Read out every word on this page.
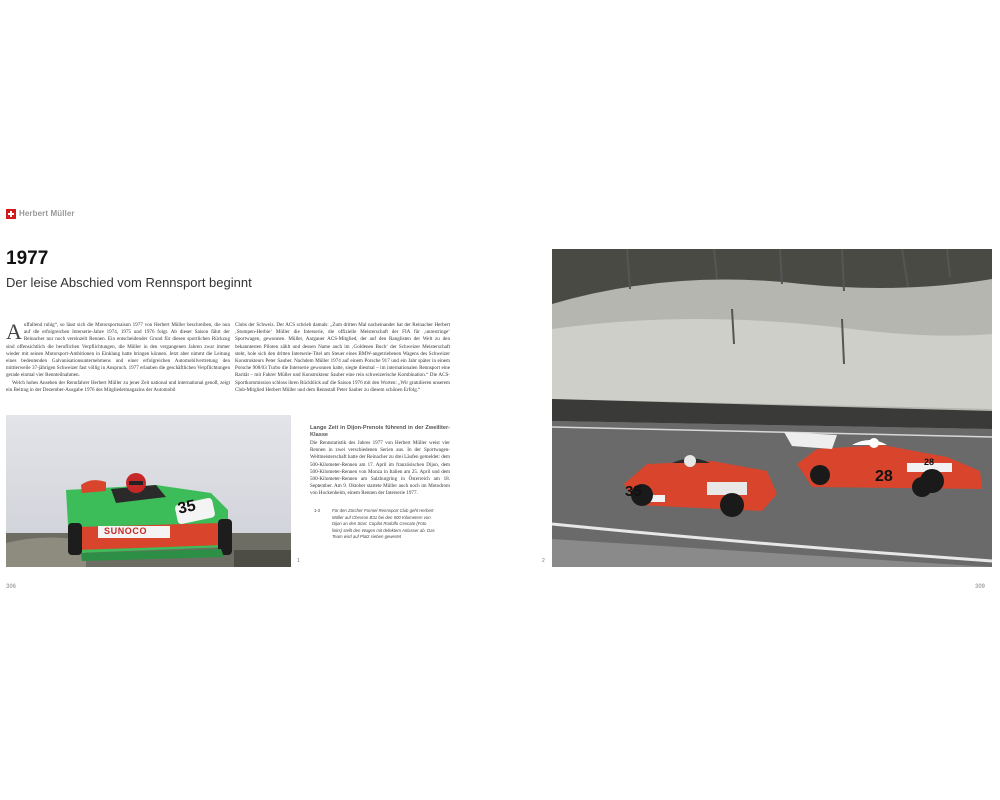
Herbert Müller
1977
Der leise Abschied vom Rennsport beginnt
A uffallend ruhig“, so lässt sich die Motorsportsaison 1977 von Herbert Müller beschreiben, die nun auf die erfolgreichen Interserie-Jahre 1974, 1975 und 1976 folgt. Ab dieser Saison fährt der Reinacher nur noch vereinzelt Rennen. Ein entscheidender Grund für diesen sportlichen Rückzug sind offensichtlich die beruflichen Verpflichtungen, die Müller in den vergangenen Jahren zwar immer wieder mit seinen Motorsport-Ambitionen in Einklang hatte bringen können. Jetzt aber nimmt die Leitung eines bedeutenden Galvanisationsunternehmens und einer erfolgreichen Automobilvertretung den mittlerweile 37-jährigen Schweizer fast völlig in Anspruch. 1977 erlauben die geschäftlichen Verpflichtungen gerade einmal vier Rennteilnahmen.
Welch hohes Ansehen der Rennfahrer Herbert Müller zu jener Zeit national und international genoß, zeigt ein Beitrag in der Dezember-Ausgabe 1976 des Mitgliedermagazins der Automobil
Clubs der Schweiz. Der ACS schrieb damals: „Zum dritten Mal nacheinander hat der Reinacher Herbert ‚Stumpen-Herbie‘ Müller die Interserie, die offizielle Meisterschaft der FIA für ‚unrestringe‘ Sportwagen, gewonnen. Müller, Aargauer ACS-Mitglied, der auf den Ranglisten der Welt zu den bekanntesten Piloten zählt und dessen Name auch im ‚Goldenen Buch‘ der Schweizer Meisterschaft steht, hole sich den dritten Interserie-Titel am Steuer eines BMW-angetriebenen Wagens des Schweizer Konstrukteurs Peter Sauber. Nachdem Müller 1974 auf einem Porsche 917 und ein Jahr später in einem Porsche 908/03 Turbo die Interserie gewonnen hatte, siegte diesmal – im internationalen Rennsport eine Rarität – mit Fahrer Müller und Konstrukteur Sauber eine rein schweizerische Kombination.“ Die ACS-Sportkommission schloss ihren Rückblick auf die Saison 1976 mit den Worten: „Wir gratulieren unserem Club-Mitglied Herbert Müller und dem Rennstall Peter Sauber zu diesem schönen Erfolg.“
Lange Zeit in Dijon-Prenois führend in der Zweiliter-Klasse

Die Rennstatistik des Jahres 1977 von Herbert Müller weist vier Rennen in zwei verschiedenen Serien aus. In der Sportwagen-Weltmeisterschaft hatte der Reinacher zu drei Läufen gemeldet: dem 500-Kilometer-Rennen am 17. April im französischen Dijon, dem 500-Kilometer-Rennen von Monza in Italien am 25. April und dem 500-Kilometer-Rennen am Salzburgring in Österreich am 18. September. Am 9. Oktober startete Müller auch noch im Motodrom von Hockenheim, einem Rennen der Interserie 1977.

1-2	Für den Zürcher Formel Rennsport Club geht Herbert Müller auf Chevron B31 bei den 500 Kilometern von Dijon an den Start. Copilot Rodolfo Cescato (Foto links) stellt den Wagen mit defektem Anlasser ab. Das Team wird auf Platz sieben gewertet
35
SUNOCO
1
28
28
35
2
306	309
